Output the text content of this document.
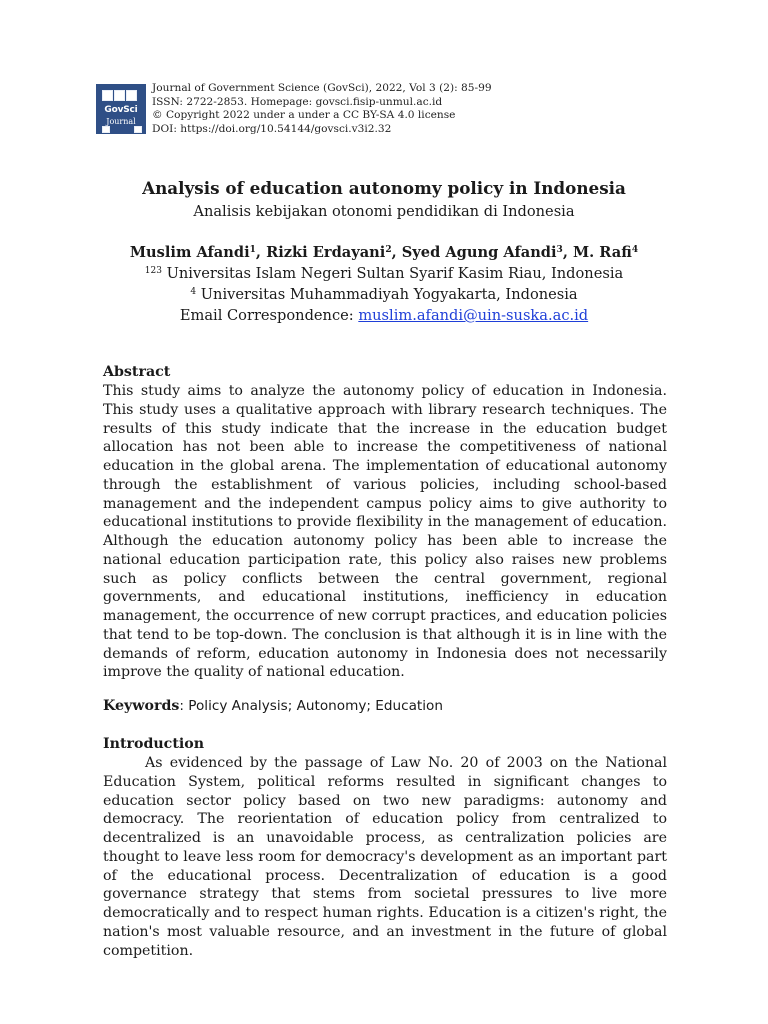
GovSci
Journal
Journal of Government Science (GovSci), 2022, Vol 3 (2): 85-99
ISSN: 2722-2853. Homepage: govsci.fisip-unmul.ac.id
© Copyright 2022 under a under a CC BY-SA 4.0 license
DOI: https://doi.org/10.54144/govsci.v3i2.32
Analysis of education autonomy policy in Indonesia
Analisis kebijakan otonomi pendidikan di Indonesia
Muslim Afandi$^1$, Rizki Erdayani$^2$, Syed Agung Afandi$^3$, M. Rafi$^4$
$^{123}$ Universitas Islam Negeri Sultan Syarif Kasim Riau, Indonesia
$^4$ Universitas Muhammadiyah Yogyakarta, Indonesia
Email Correspondence: muslim.afandi@uin-suska.ac.id
Abstract
This study aims to analyze the autonomy policy of education in Indonesia. This study uses a qualitative approach with library research techniques. The results of this study indicate that the increase in the education budget allocation has not been able to increase the competitiveness of national education in the global arena. The implementation of educational autonomy through the establishment of various policies, including school-based management and the independent campus policy aims to give authority to educational institutions to provide flexibility in the management of education. Although the education autonomy policy has been able to increase the national education participation rate, this policy also raises new problems such as policy conflicts between the central government, regional governments, and educational institutions, inefficiency in education management, the occurrence of new corrupt practices, and education policies that tend to be top-down. The conclusion is that although it is in line with the demands of reform, education autonomy in Indonesia does not necessarily improve the quality of national education.
Keywords: Policy Analysis; Autonomy; Education
Introduction
As evidenced by the passage of Law No. 20 of 2003 on the National Education System, political reforms resulted in significant changes to education sector policy based on two new paradigms: autonomy and democracy. The reorientation of education policy from centralized to decentralized is an unavoidable process, as centralization policies are thought to leave less room for democracy's development as an important part of the educational process. Decentralization of education is a good governance strategy that stems from societal pressures to live more democratically and to respect human rights. Education is a citizen's right, the nation's most valuable resource, and an investment in the future of global competition.
